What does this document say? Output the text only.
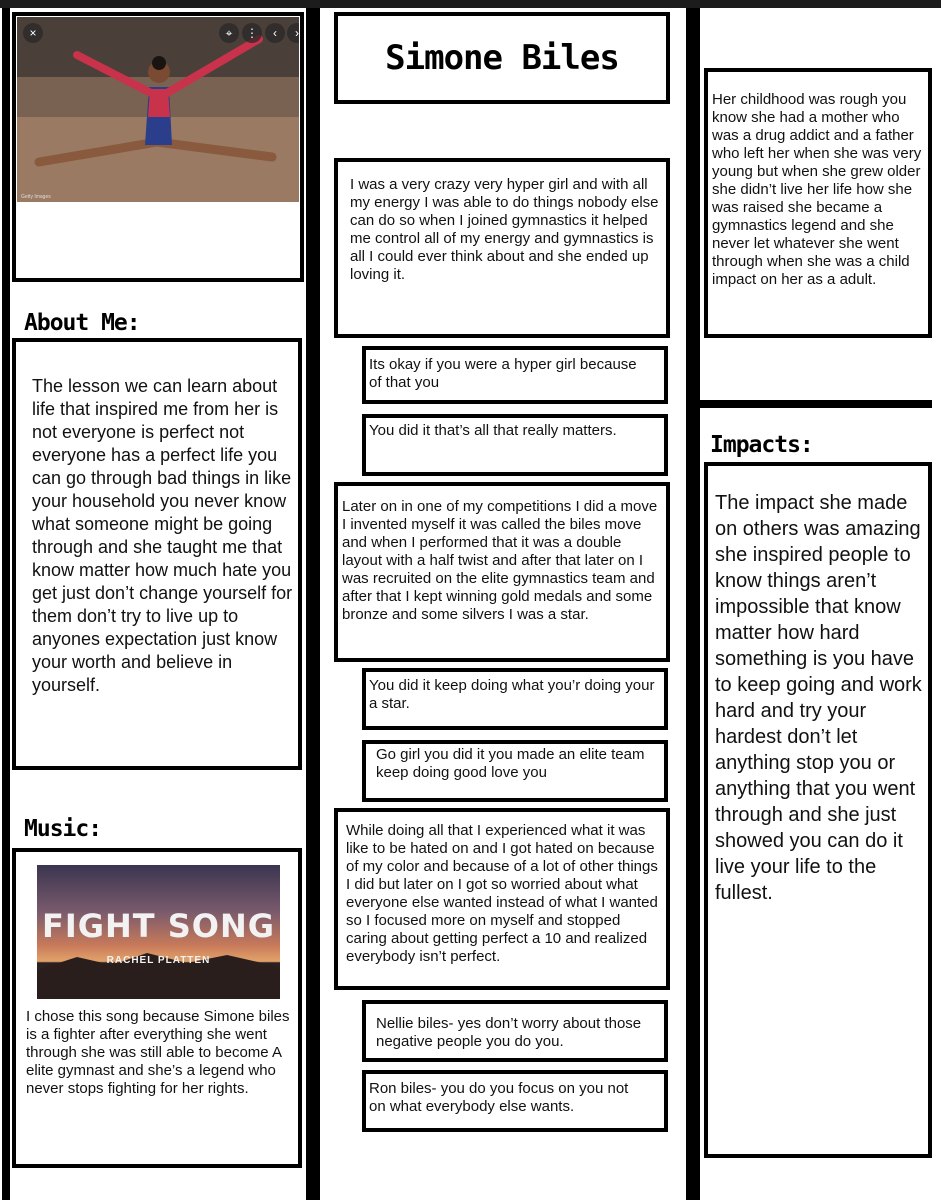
×	⌖	⋮	‹	›
Getty Images
About Me:
The lesson we can learn about life that inspired me from her is not everyone is perfect not everyone has a perfect life you can go through bad things in like your household you never know what someone might be going through and she taught me that know matter how much hate you get just don’t change yourself for them don’t try to live up to anyones expectation just know your worth and believe in yourself.
Music:
FIGHT SONG
RACHEL PLATTEN
I chose this song because Simone biles is a fighter after everything she went through she was still able to become A elite gymnast and she’s a legend who never stops fighting for her rights.
Simone Biles
I was a very crazy very hyper girl and with all my energy I was able to do things nobody else can do so when I joined gymnastics it helped me control all of my energy and gymnastics is all I could ever think about and she ended up loving it.
Its okay if you were a hyper girl because of that you
You did it that’s all that really matters.
Later on in one of my competitions I did a move I invented myself it was called the biles move and when I performed that it was a double layout with a half twist and after that later on I was recruited on the elite gymnastics team and after that I kept winning gold medals and some bronze and some silvers I was a star.
You did it keep doing what you’r doing your a star.
Go girl you did it you made an elite team keep doing good love you
While doing all that I experienced what it was like to be hated on and I got hated on because of my color and because of a lot of other things I did but later on I got so worried about what everyone else wanted instead of what I wanted so I focused more on myself and stopped caring about getting perfect a 10 and realized everybody isn’t perfect.
Nellie biles- yes don’t worry about those negative people you do you.
Ron biles- you do you focus on you not on what everybody else wants.
Her childhood was rough you know she had a mother who was a drug addict and a father who left her when she was very young but when she grew older she didn’t live her life how she was raised she became a gymnastics legend and she never let whatever she went through when she was a child impact on her as a adult.
Impacts:
The impact she made on others was amazing she inspired people to know things aren’t impossible that know matter how hard something is you have to keep going and work hard and try your hardest don’t let anything stop you or anything that you went through and she just showed you can do it live your life to the fullest.
